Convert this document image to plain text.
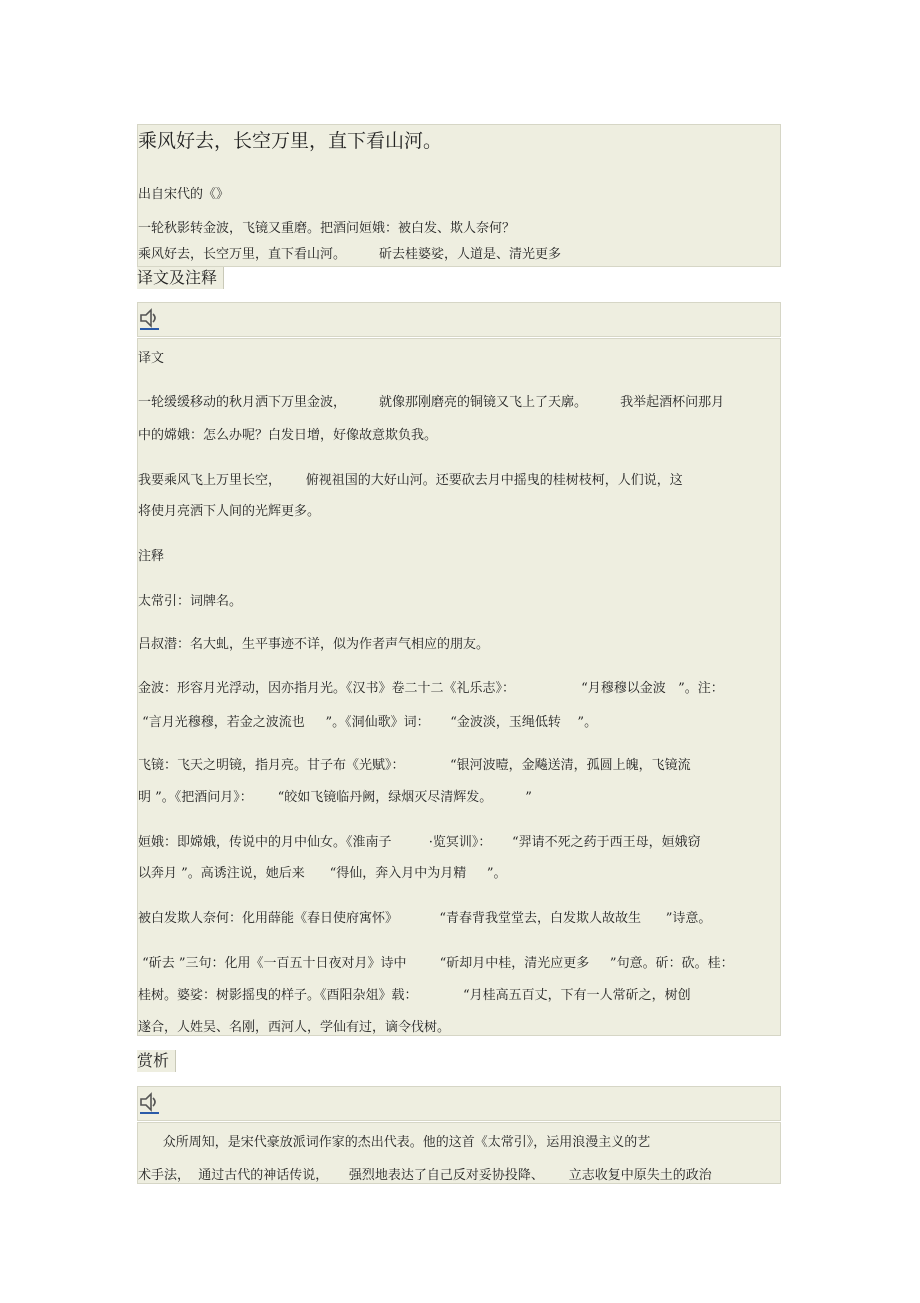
乘风好去，长空万里，直下看山河。
出自宋代的《》
一轮秋影转金波，飞镜又重磨。把酒问姮娥：被白发、欺人奈何？
乘风好去，长空万里，直下看山河。        斫去桂婆娑，人道是、清光更多
译文及注释
译文
一轮缓缓移动的秋月洒下万里金波，        就像那刚磨亮的铜镜又飞上了天廓。        我举起酒杯问那月
中的嫦娥：怎么办呢？白发日增，好像故意欺负我。
我要乘风飞上万里长空，      俯视祖国的大好山河。还要砍去月中摇曳的桂树枝柯，人们说，这
将使月亮洒下人间的光辉更多。
注释
太常引：词牌名。
吕叔潜：名大虬，生平事迹不详，似为作者声气相应的朋友。
金波：形容月光浮动，因亦指月光。《汉书》卷二十二《礼乐志》：                “月穆穆以金波   ”。注：
“言月光穆穆，若金之波流也     ”。《洞仙歌》词：     “金波淡，玉绳低转    ”。
飞镜：飞天之明镜，指月亮。甘子布《光赋》：           “银河波曀，金飚送清，孤圆上魄，飞镜流
明 ”。《把酒问月》：      “皎如飞镜临丹阙，绿烟灭尽清辉发。        ”
姮娥：即嫦娥，传说中的月中仙女。《淮南子         ·览冥训》：     “羿请不死之药于西王母，姮娥窃
以奔月 ”。高诱注说，她后来      “得仙，奔入月中为月精     ”。
被白发欺人奈何：化用薛能《春日使府寓怀》          “青春背我堂堂去，白发欺人故故生      ”诗意。
“斫去 ”三句：化用《一百五十日夜对月》诗中        “斫却月中桂，清光应更多     ”句意。斫：砍。桂：
桂树。婆娑：树影摇曳的样子。《酉阳杂俎》载：           “月桂高五百丈，下有一人常斫之，树创
遂合，人姓吴、名刚，西河人，学仙有过，谪令伐树。
赏析
众所周知，是宋代豪放派词作家的杰出代表。他的这首《太常引》，运用浪漫主义的艺
术手法，  通过古代的神话传说，     强烈地表达了自己反对妥协投降、      立志收复中原失土的政治
